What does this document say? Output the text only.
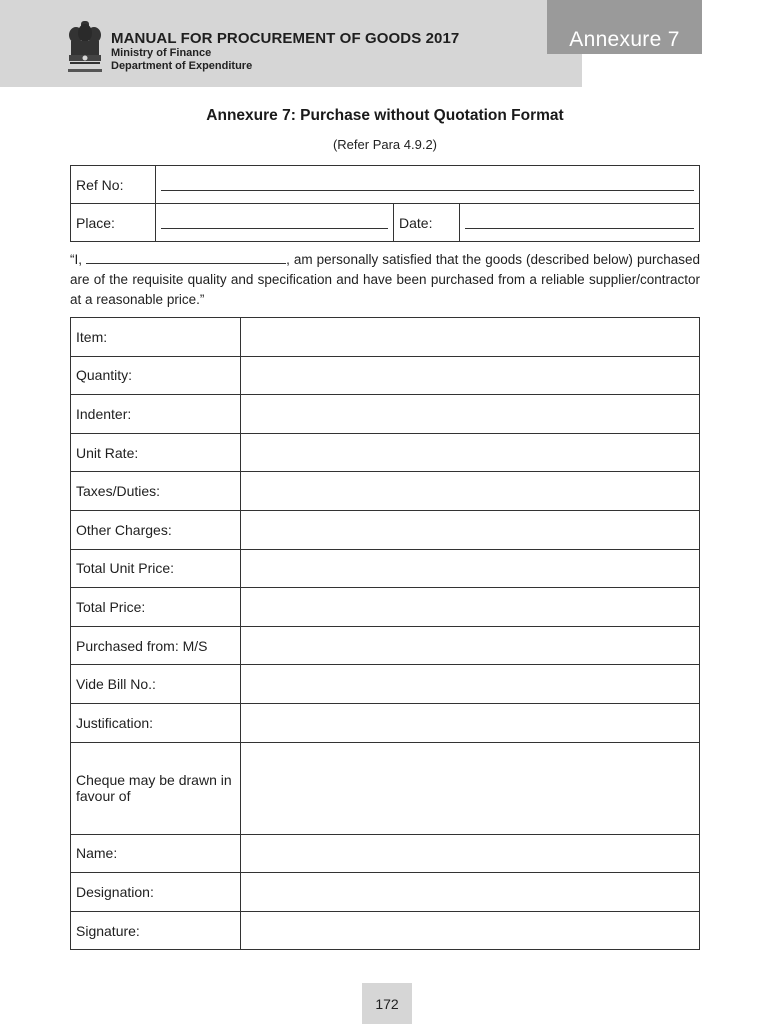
MANUAL FOR PROCUREMENT OF GOODS 2017
Ministry of Finance
Department of Expenditure
Annexure 7
Annexure 7: Purchase without Quotation Format
(Refer Para 4.9.2)
Ref No:			

Place:		Date:	
“I,	, am personally satisfied that the goods (described below) purchased are of the requisite quality and specification and have been purchased from a reliable supplier/contractor at a reasonable price.”
Item:	
Quantity:	
Indenter:	
Unit Rate:	
Taxes/Duties:	
Other Charges:	
Total Unit Price:	
Total Price:	
Purchased from: M/S	
Vide Bill No.:	
Justification:	
Cheque may be drawn in favour of	
Name:	
Designation:	
Signature:	
172
